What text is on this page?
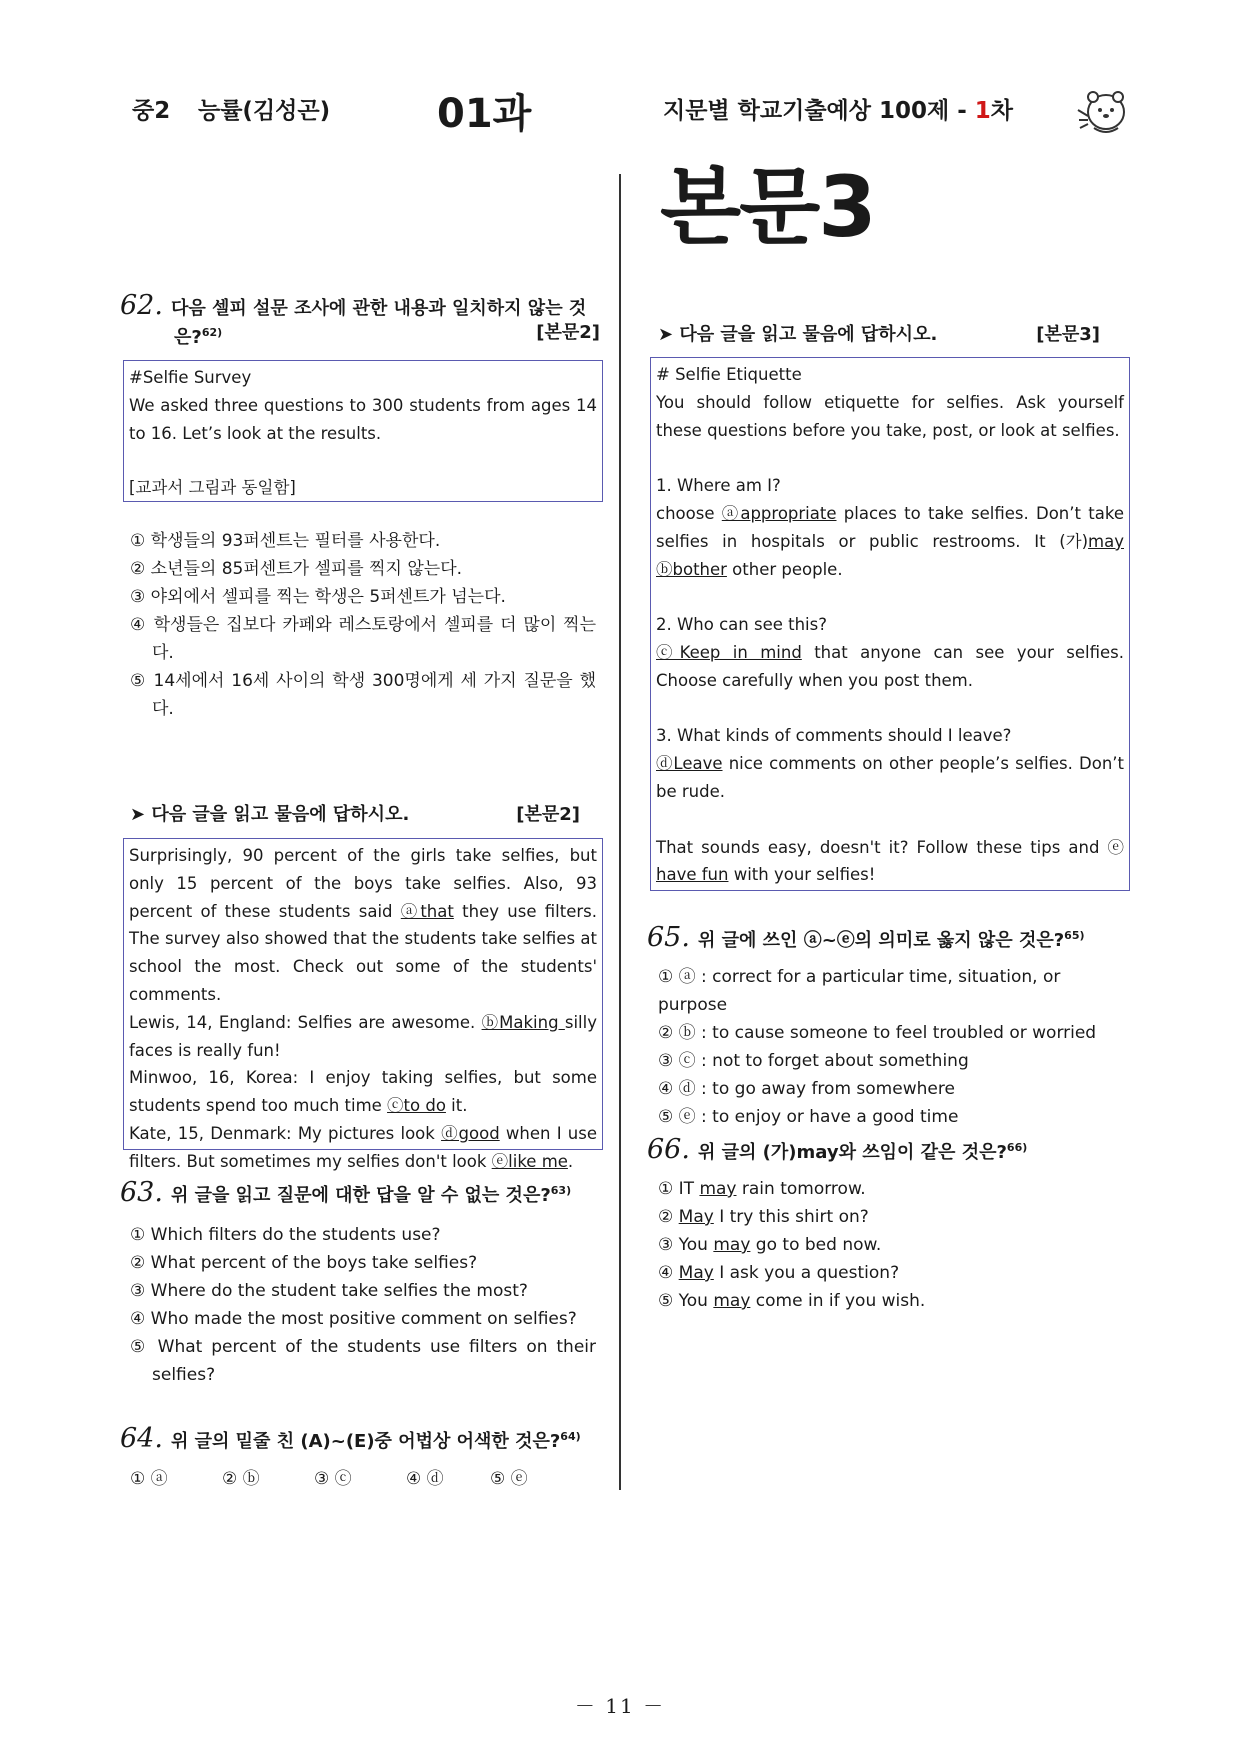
중2 능률(김성곤)	01과	지문별 학교기출예상 100제 - 1차
본문3
62. 다음 셀피 설문 조사에 관한 내용과 일치하지 않는 것
은?$^{62)}$	[본문2]

#Selfie Survey

We asked three questions to 300 students from ages 14 to 16. Let’s look at the results.

[교과서 그림과 동일함]

① 학생들의 93퍼센트는 필터를 사용한다.
② 소년들의 85퍼센트가 셀피를 찍지 않는다.
③ 야외에서 셀피를 찍는 학생은 5퍼센트가 넘는다.
④ 학생들은 집보다 카페와 레스토랑에서 셀피를 더 많이 찍는다.
⑤ 14세에서 16세 사이의 학생 300명에게 세 가지 질문을 했다.
➤ 다음 글을 읽고 물음에 답하시오.	[본문2]

Surprisingly, 90 percent of the girls take selfies, but only 15 percent of the boys take selfies. Also, 93 percent of these students said ⓐthat they use filters. The survey also showed that the students take selfies at school the most. Check out some of the students' comments.

Lewis, 14, England: Selfies are awesome. ⓑMaking silly faces is really fun!

Minwoo, 16, Korea: I enjoy taking selfies, but some students spend too much time ⓒto do it.

Kate, 15, Denmark: My pictures look ⓓgood when I use filters. But sometimes my selfies don't look ⓔlike me.

63. 위 글을 읽고 질문에 대한 답을 알 수 없는 것은?$^{63)}$
① Which filters do the students use?
② What percent of the boys take selfies?
③ Where do the student take selfies the most?
④ Who made the most positive comment on selfies?
⑤ What percent of the students use filters on their selfies?
64. 위 글의 밑줄 친 (A)~(E)중 어법상 어색한 것은?$^{64)}$
① ⓐ	② ⓑ	③ ⓒ	④ ⓓ	⑤ ⓔ
➤ 다음 글을 읽고 물음에 답하시오.	[본문3]

# Selfie Etiquette

You should follow etiquette for selfies. Ask yourself these questions before you take, post, or look at selfies.

1. Where am I?

choose ⓐappropriate places to take selfies. Don’t take selfies in hospitals or public restrooms. It (가)may ⓑbother other people.

2. Who can see this?

ⓒKeep in mind that anyone can see your selfies. Choose carefully when you post them.

3. What kinds of comments should I leave?

ⓓLeave nice comments on other people’s selfies. Don’t be rude.

That sounds easy, doesn't it? Follow these tips and ⓔ have fun with your selfies!

65. 위 글에 쓰인 ⓐ~ⓔ의 의미로 옳지 않은 것은?$^{65)}$
① ⓐ : correct for a particular time, situation, or purpose
② ⓑ : to cause someone to feel troubled or worried
③ ⓒ : not to forget about something
④ ⓓ : to go away from somewhere
⑤ ⓔ : to enjoy or have a good time
66. 위 글의 (가)may와 쓰임이 같은 것은?$^{66)}$
① IT may rain tomorrow.
② May I try this shirt on?
③ You may go to bed now.
④ May I ask you a question?
⑤ You may come in if you wish.
－ 11 －
